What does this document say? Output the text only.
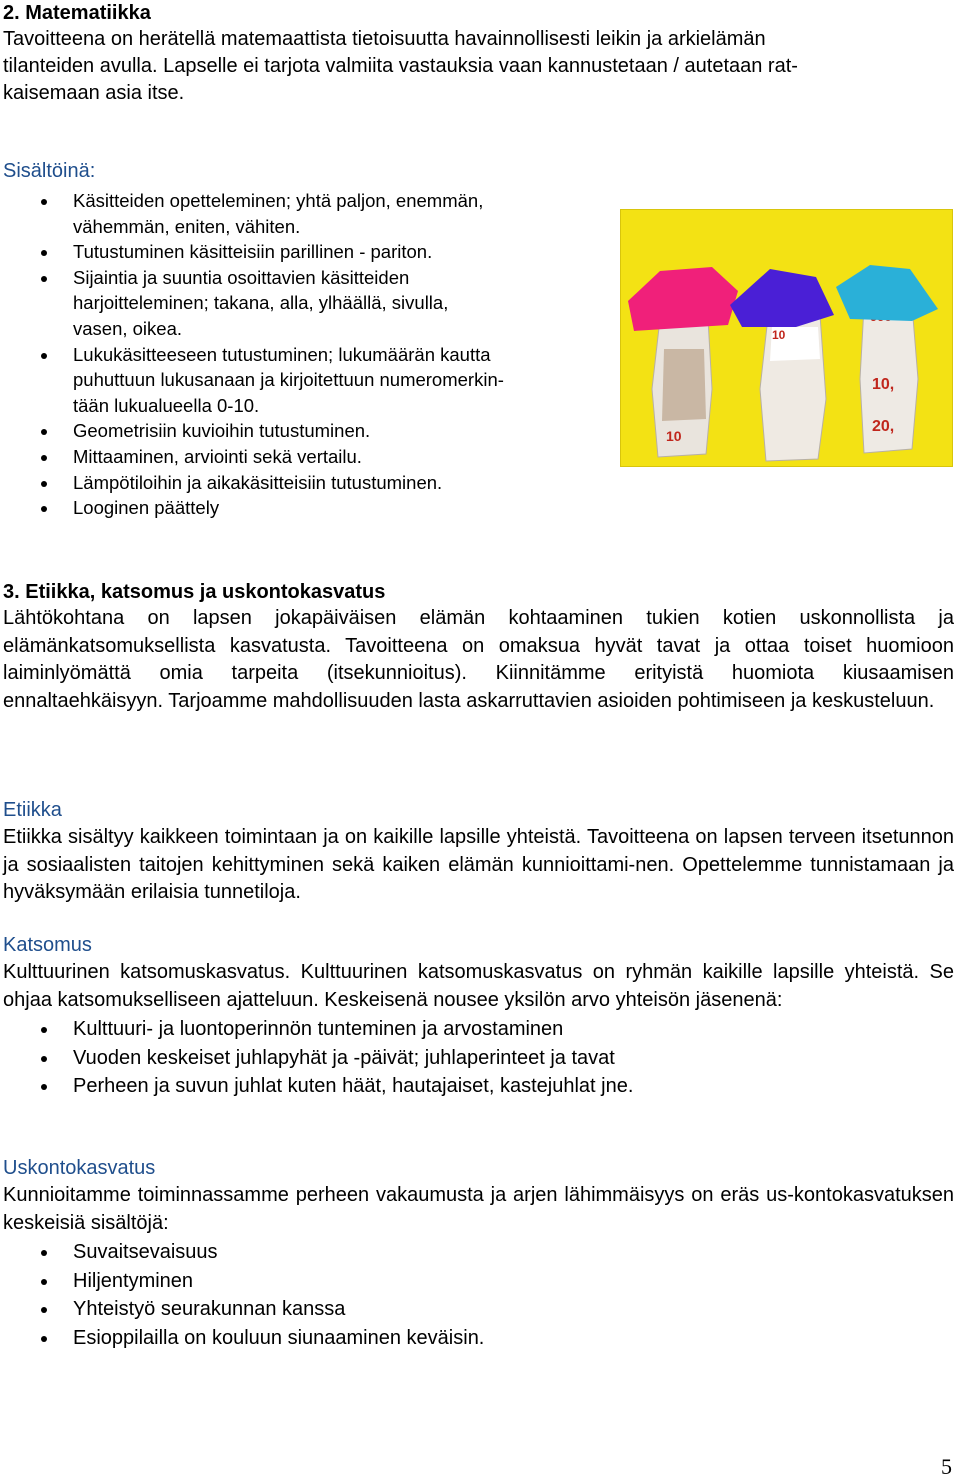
2. Matematiikka

Tavoitteena on herätellä matemaattista tietoisuutta havainnollisesti leikin ja arkielämän

tilanteiden avulla. Lapselle ei tarjota valmiita vastauksia vaan kannustetaan / autetaan rat-

kaisemaan asia itse.

Sisältöinä:

Käsitteiden opetteleminen; yhtä paljon, enemmän,
vähemmän, eniten, vähiten.
Tutustuminen käsitteisiin parillinen - pariton.
Sijaintia ja suuntia osoittavien käsitteiden
harjoitteleminen; takana, alla, ylhäällä, sivulla,
vasen, oikea.
Lukukäsitteeseen tutustuminen; lukumäärän kautta
puhuttuun lukusanaan ja kirjoitettuun numeromerkin-
tään lukualueella 0-10.
Geometrisiin kuvioihin tutustuminen.
Mittaaminen, arviointi sekä vertailu.
Lämpötiloihin ja aikakäsitteisiin tutustuminen.
Looginen päättely
10
10,
20,
10
3. Etiikka, katsomus ja uskontokasvatus

Lähtökohtana on lapsen jokapäiväisen elämän kohtaaminen tukien kotien uskonnollista ja elämänkatsomuksellista kasvatusta. Tavoitteena on omaksua hyvät tavat ja ottaa toiset huomioon laiminlyömättä omia tarpeita (itsekunnioitus). Kiinnitämme erityistä huomiota kiusaamisen ennaltaehkäisyyn. Tarjoamme mahdollisuuden lasta askarruttavien asioiden pohtimiseen ja keskusteluun.

Etiikka

Etiikka sisältyy kaikkeen toimintaan ja on kaikille lapsille yhteistä. Tavoitteena on lapsen terveen itsetunnon ja sosiaalisten taitojen kehittyminen sekä kaiken elämän kunnioittami-nen. Opettelemme tunnistamaan ja hyväksymään erilaisia tunnetiloja.

Katsomus

Kulttuurinen katsomuskasvatus. Kulttuurinen katsomuskasvatus on ryhmän kaikille lapsille yhteistä. Se ohjaa katsomukselliseen ajatteluun. Keskeisenä nousee yksilön arvo yhteisön jäsenenä:

Kulttuuri- ja luontoperinnön tunteminen ja arvostaminen
Vuoden keskeiset juhlapyhät ja -päivät; juhlaperinteet ja tavat
Perheen ja suvun juhlat kuten häät, hautajaiset, kastejuhlat jne.

Uskontokasvatus

Kunnioitamme toiminnassamme perheen vakaumusta ja arjen lähimmäisyys on eräs us-kontokasvatuksen keskeisiä sisältöjä:

Suvaitsevaisuus
Hiljentyminen
Yhteistyö seurakunnan kanssa
Esioppilailla on kouluun siunaaminen keväisin.
5
